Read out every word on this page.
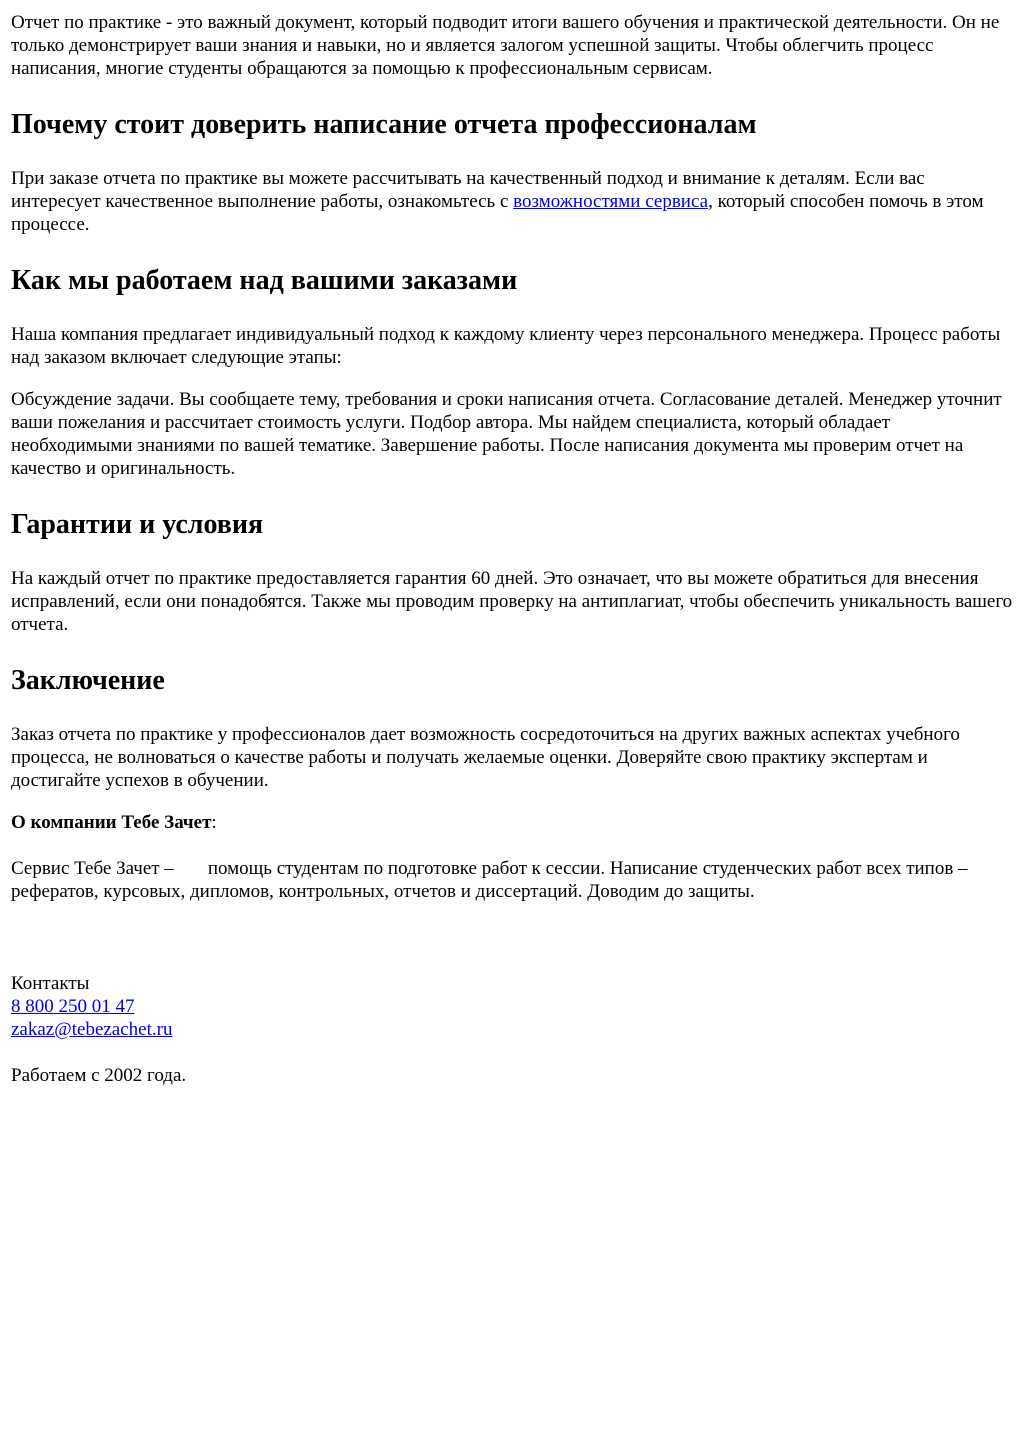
Отчет по практике - это важный документ, который подводит итоги вашего обучения и практической деятельности. Он не только демонстрирует ваши знания и навыки, но и является залогом успешной защиты. Чтобы облегчить процесс написания, многие студенты обращаются за помощью к профессиональным сервисам.

Почему стоит доверить написание отчета профессионалам

При заказе отчета по практике вы можете рассчитывать на качественный подход и внимание к деталям. Если вас интересует качественное выполнение работы, ознакомьтесь с возможностями сервиса, который способен помочь в этом процессе.

Как мы работаем над вашими заказами

Наша компания предлагает индивидуальный подход к каждому клиенту через персонального менеджера. Процесс работы над заказом включает следующие этапы:

Обсуждение задачи. Вы сообщаете тему, требования и сроки написания отчета. Согласование деталей. Менеджер уточнит ваши пожелания и рассчитает стоимость услуги. Подбор автора. Мы найдем специалиста, который обладает необходимыми знаниями по вашей тематике. Завершение работы. После написания документа мы проверим отчет на качество и оригинальность.

Гарантии и условия

На каждый отчет по практике предоставляется гарантия 60 дней. Это означает, что вы можете обратиться для внесения исправлений, если они понадобятся. Также мы проводим проверку на антиплагиат, чтобы обеспечить уникальность вашего отчета.

Заключение

Заказ отчета по практике у профессионалов дает возможность сосредоточиться на других важных аспектах учебного процесса, не волноваться о качестве работы и получать желаемые оценки. Доверяйте свою практику экспертам и достигайте успехов в обучении.

О компании Тебе Зачет:

Сервис Тебе Зачет – помощь студентам по подготовке работ к сессии. Написание студенческих работ всех типов – рефератов, курсовых, дипломов, контрольных, отчетов и диссертаций. Доводим до защиты.

Контакты
8 800 250 01 47
zakaz@tebezachet.ru
Работаем с 2002 года.
